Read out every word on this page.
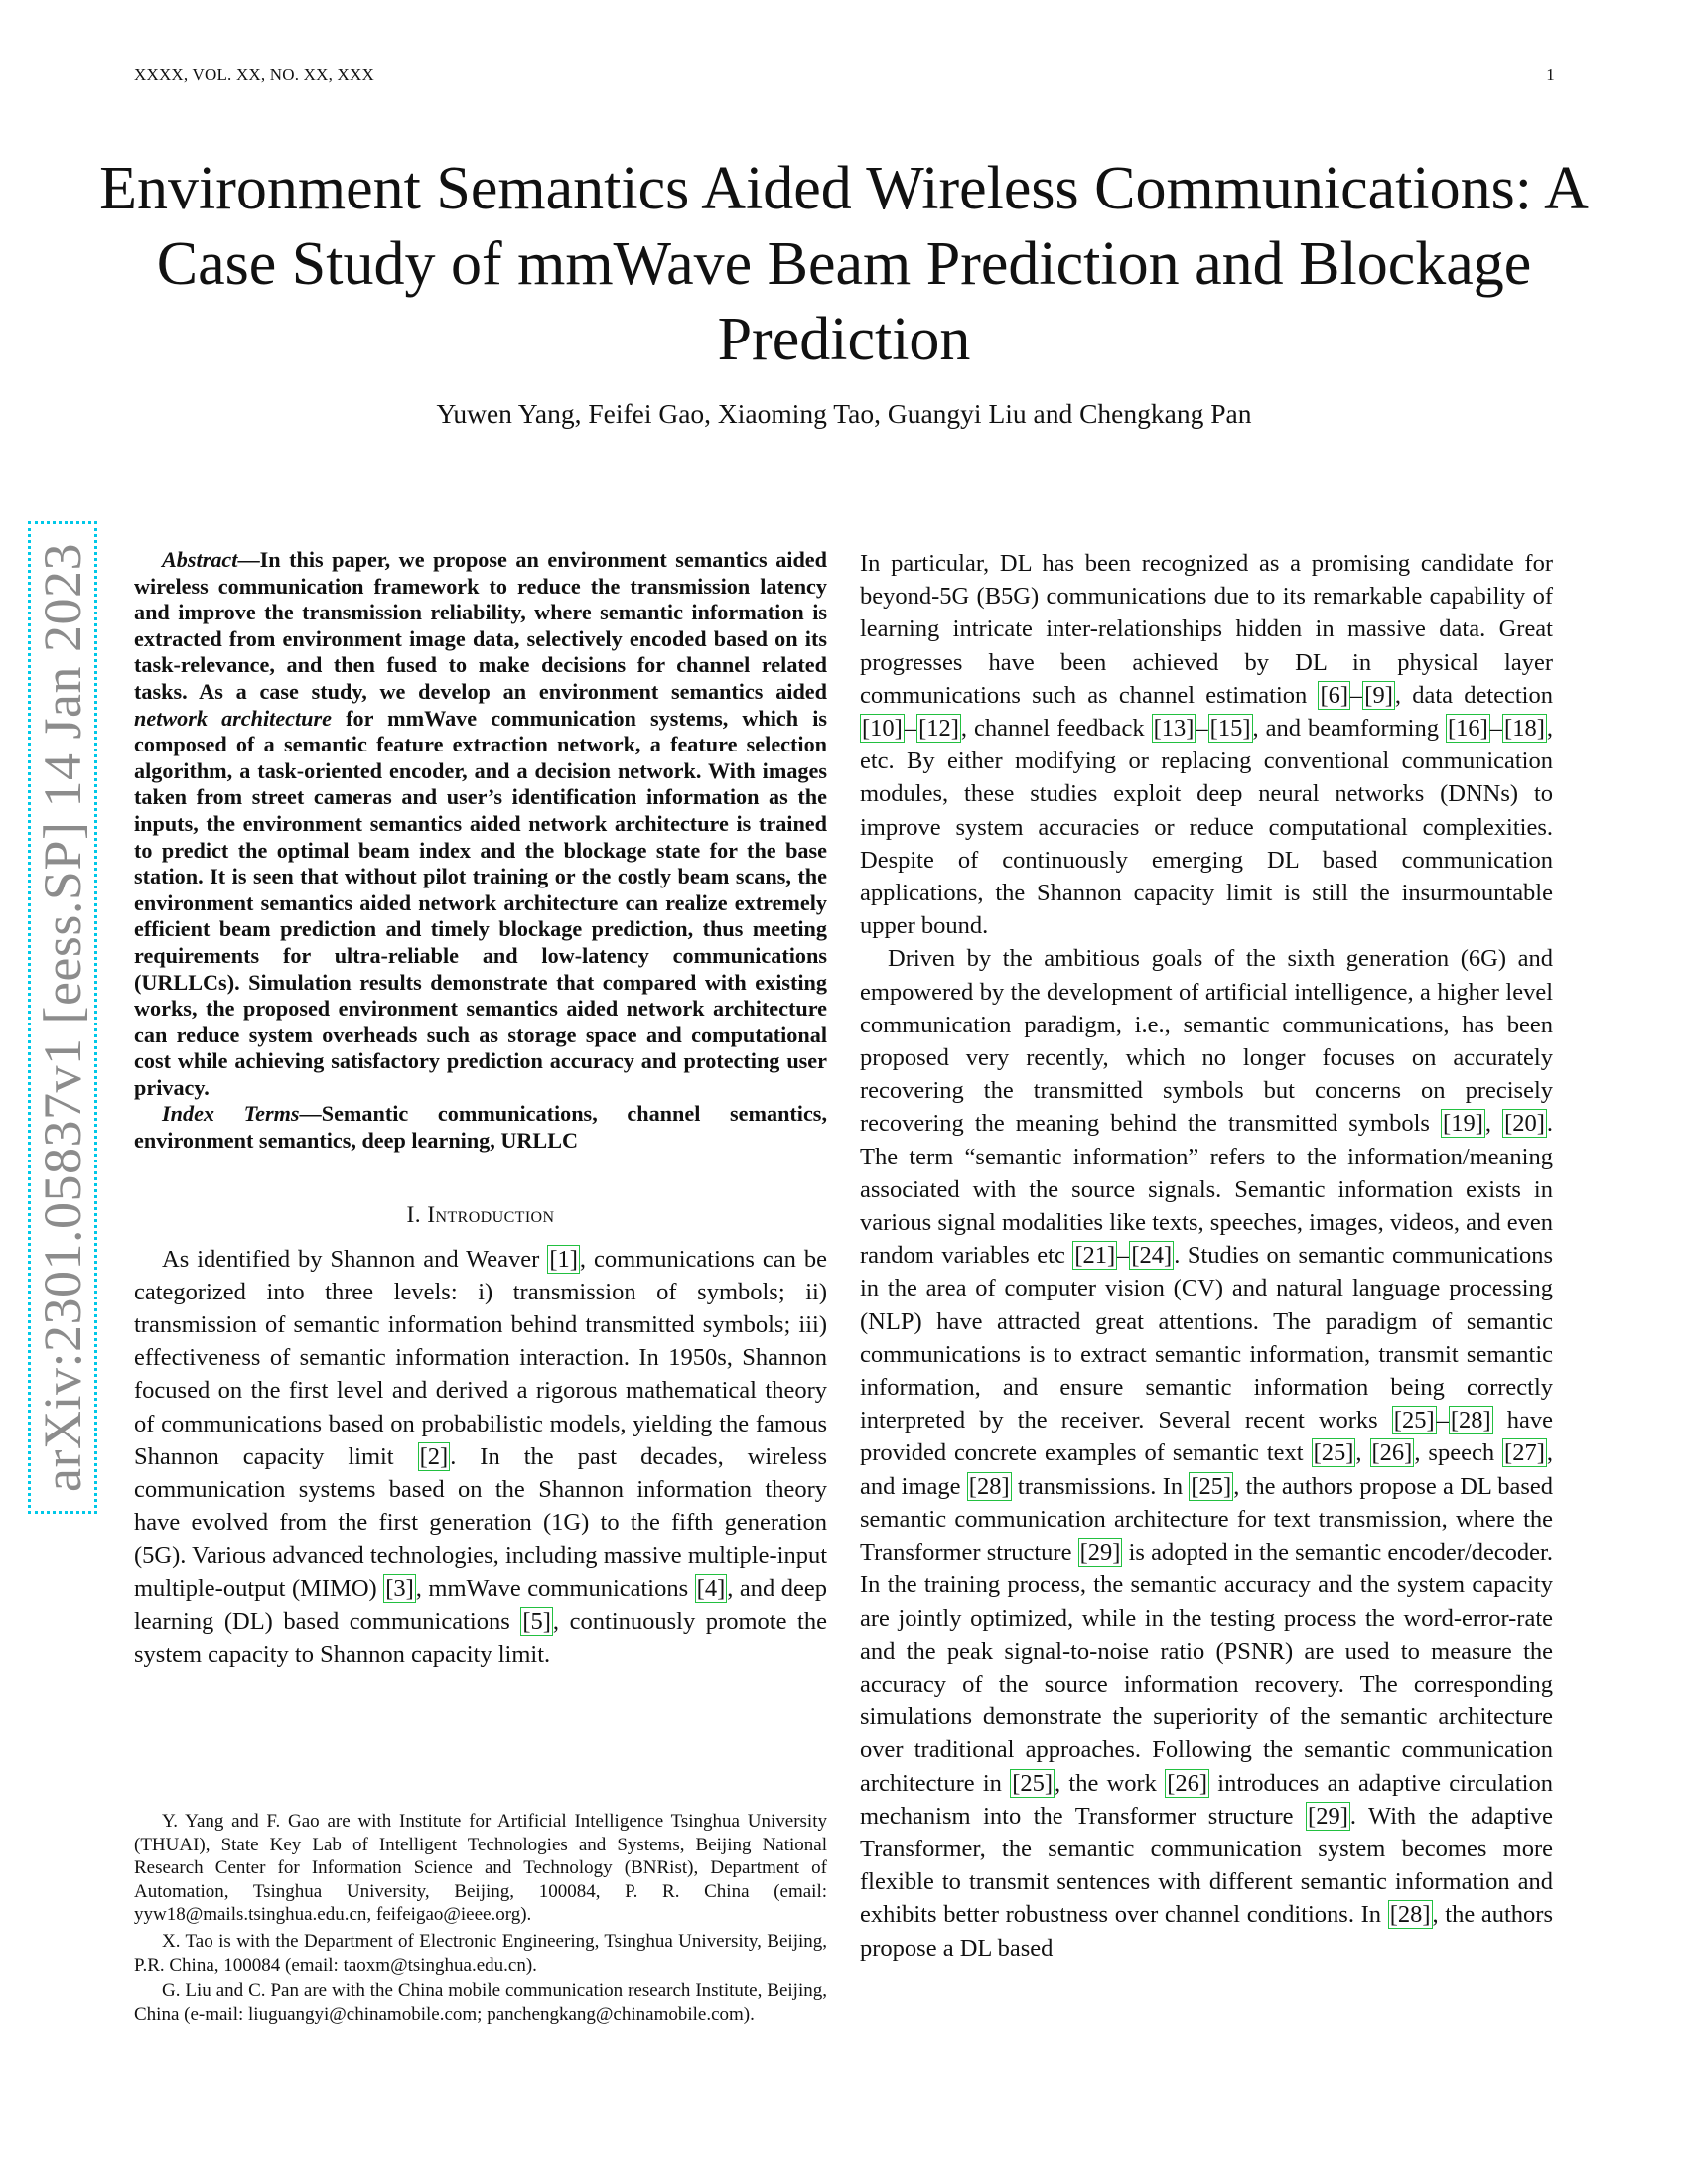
XXXX, VOL. XX, NO. XX, XXX	1
Environment Semantics Aided Wireless Communications: A Case Study of mmWave Beam Prediction and Blockage Prediction
Yuwen Yang, Feifei Gao, Xiaoming Tao, Guangyi Liu and Chengkang Pan
arXiv:2301.05837v1 [eess.SP] 14 Jan 2023	Abstract—In this paper, we propose an environment semantics aided wireless communication framework to reduce the transmission latency and improve the transmission reliability, where semantic information is extracted from environment image data, selectively encoded based on its task-relevance, and then fused to make decisions for channel related tasks. As a case study, we develop an environment semantics aided network architecture for mmWave communication systems, which is composed of a semantic feature extraction network, a feature selection algorithm, a task-oriented encoder, and a decision network. With images taken from street cameras and user’s identification information as the inputs, the environment semantics aided network architecture is trained to predict the optimal beam index and the blockage state for the base station. It is seen that without pilot training or the costly beam scans, the environment semantics aided network architecture can realize extremely efficient beam prediction and timely blockage prediction, thus meeting requirements for ultra-reliable and low-latency communications (URLLCs). Simulation results demonstrate that compared with existing works, the proposed environment semantics aided network architecture can reduce system overheads such as storage space and computational cost while achieving satisfactory prediction accuracy and protecting user privacy.

Index Terms—Semantic communications, channel semantics, environment semantics, deep learning, URLLC

I. Introduction

As identified by Shannon and Weaver [1], communications can be categorized into three levels: i) transmission of symbols; ii) transmission of semantic information behind transmitted symbols; iii) effectiveness of semantic information interaction. In 1950s, Shannon focused on the first level and derived a rigorous mathematical theory of communications based on probabilistic models, yielding the famous Shannon capacity limit [2]. In the past decades, wireless communication systems based on the Shannon information theory have evolved from the first generation (1G) to the fifth generation (5G). Various advanced technologies, including massive multiple-input multiple-output (MIMO) [3], mmWave communications [4], and deep learning (DL) based communications [5], continuously promote the system capacity to Shannon capacity limit.

Y. Yang and F. Gao are with Institute for Artificial Intelligence Tsinghua University (THUAI), State Key Lab of Intelligent Technologies and Systems, Beijing National Research Center for Information Science and Technology (BNRist), Department of Automation, Tsinghua University, Beijing, 100084, P. R. China (email: yyw18@mails.tsinghua.edu.cn, feifeigao@ieee.org).

X. Tao is with the Department of Electronic Engineering, Tsinghua University, Beijing, P.R. China, 100084 (email: taoxm@tsinghua.edu.cn).

G. Liu and C. Pan are with the China mobile communication research Institute, Beijing, China (e-mail: liuguangyi@chinamobile.com; panchengkang@chinamobile.com).

In particular, DL has been recognized as a promising candidate for beyond-5G (B5G) communications due to its remarkable capability of learning intricate inter-relationships hidden in massive data. Great progresses have been achieved by DL in physical layer communications such as channel estimation [6]–[9], data detection [10]–[12], channel feedback [13]–[15], and beamforming [16]–[18], etc. By either modifying or replacing conventional communication modules, these studies exploit deep neural networks (DNNs) to improve system accuracies or reduce computational complexities. Despite of continuously emerging DL based communication applications, the Shannon capacity limit is still the insurmountable upper bound.

Driven by the ambitious goals of the sixth generation (6G) and empowered by the development of artificial intelligence, a higher level communication paradigm, i.e., semantic communications, has been proposed very recently, which no longer focuses on accurately recovering the transmitted symbols but concerns on precisely recovering the meaning behind the transmitted symbols [19], [20]. The term “semantic information” refers to the information/meaning associated with the source signals. Semantic information exists in various signal modalities like texts, speeches, images, videos, and even random variables etc [21]–[24]. Studies on semantic communications in the area of computer vision (CV) and natural language processing (NLP) have attracted great attentions. The paradigm of semantic communications is to extract semantic information, transmit semantic information, and ensure semantic information being correctly interpreted by the receiver. Several recent works [25]–[28] have provided concrete examples of semantic text [25], [26], speech [27], and image [28] transmissions. In [25], the authors propose a DL based semantic communication architecture for text transmission, where the Transformer structure [29] is adopted in the semantic encoder/decoder. In the training process, the semantic accuracy and the system capacity are jointly optimized, while in the testing process the word-error-rate and the peak signal-to-noise ratio (PSNR) are used to measure the accuracy of the source information recovery. The corresponding simulations demonstrate the superiority of the semantic architecture over traditional approaches. Following the semantic communication architecture in [25], the work [26] introduces an adaptive circulation mechanism into the Transformer structure [29]. With the adaptive Transformer, the semantic communication system becomes more flexible to transmit sentences with different semantic information and exhibits better robustness over channel conditions. In [28], the authors propose a DL based
